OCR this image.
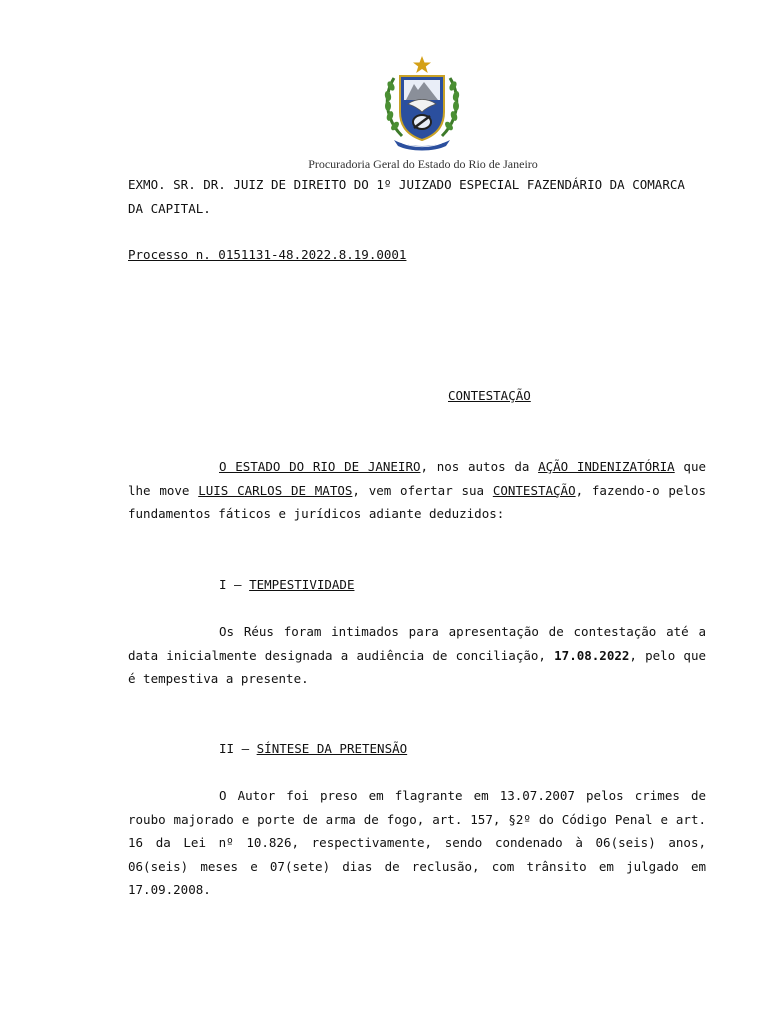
Procuradoria Geral do Estado do Rio de Janeiro
EXMO. SR. DR. JUIZ DE DIREITO DO 1º JUIZADO ESPECIAL FAZENDÁRIO DA COMARCA DA CAPITAL.
Processo n. 0151131-48.2022.8.19.0001
CONTESTAÇÃO
O ESTADO DO RIO DE JANEIRO, nos autos da AÇÃO INDENIZATÓRIA que lhe move LUIS CARLOS DE MATOS, vem ofertar sua CONTESTAÇÃO, fazendo-o pelos fundamentos fáticos e jurídicos adiante deduzidos:
I – TEMPESTIVIDADE
Os Réus foram intimados para apresentação de contestação até a data inicialmente designada a audiência de conciliação, 17.08.2022, pelo que é tempestiva a presente.
II – SÍNTESE DA PRETENSÃO
O Autor foi preso em flagrante em 13.07.2007 pelos crimes de roubo majorado e porte de arma de fogo, art. 157, §2º do Código Penal e art. 16 da Lei nº 10.826, respectivamente, sendo condenado à 06(seis) anos, 06(seis) meses e 07(sete) dias de reclusão, com trânsito em julgado em 17.09.2008.
